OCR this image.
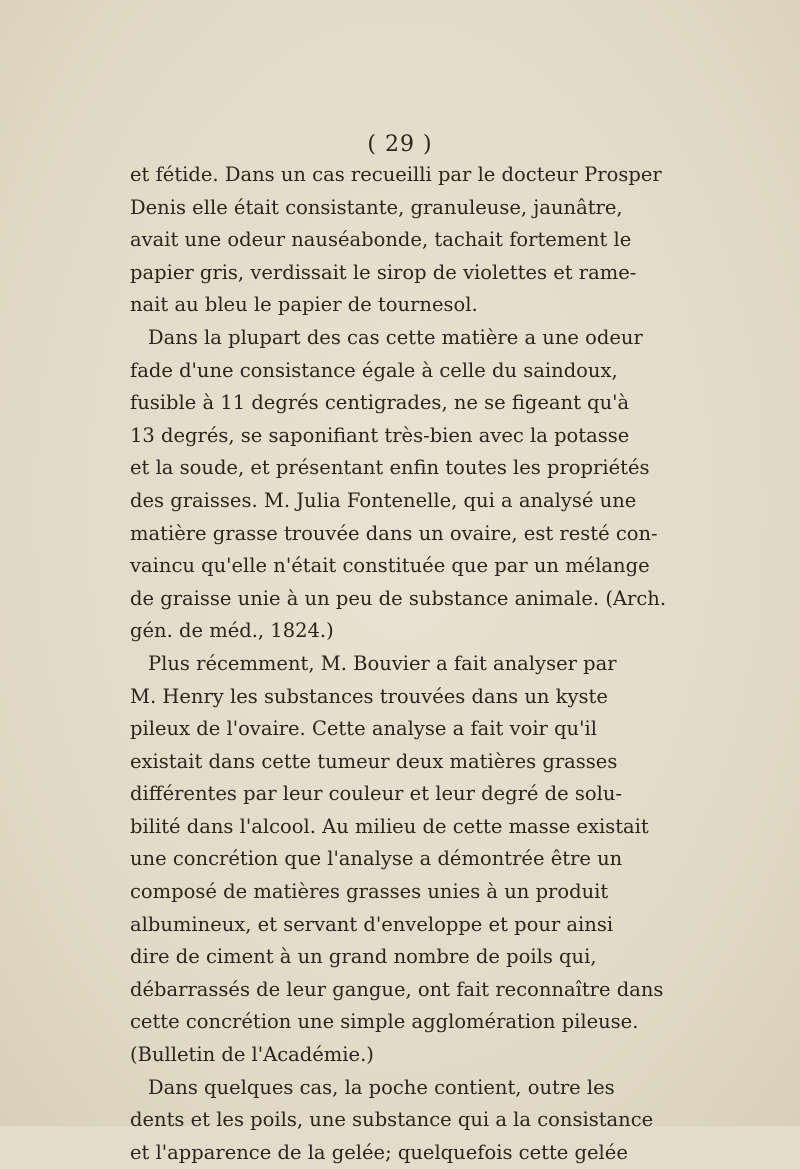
( 29 )
et fétide. Dans un cas recueilli par le docteur Prosper
Denis elle était consistante, granuleuse, jaunâtre,
avait une odeur nauséabonde, tachait fortement le
papier gris, verdissait le sirop de violettes et rame-
nait au bleu le papier de tournesol.
Dans la plupart des cas cette matière a une odeur
fade d'une consistance égale à celle du saindoux,
fusible à 11 degrés centigrades, ne se figeant qu'à
13 degrés, se saponifiant très-bien avec la potasse
et la soude, et présentant enfin toutes les propriétés
des graisses. M. Julia Fontenelle, qui a analysé une
matière grasse trouvée dans un ovaire, est resté con-
vaincu qu'elle n'était constituée que par un mélange
de graisse unie à un peu de substance animale. (Arch.
gén. de méd., 1824.)
Plus récemment, M. Bouvier a fait analyser par
M. Henry les substances trouvées dans un kyste
pileux de l'ovaire. Cette analyse a fait voir qu'il
existait dans cette tumeur deux matières grasses
différentes par leur couleur et leur degré de solu-
bilité dans l'alcool. Au milieu de cette masse existait
une concrétion que l'analyse a démontrée être un
composé de matières grasses unies à un produit
albumineux, et servant d'enveloppe et pour ainsi
dire de ciment à un grand nombre de poils qui,
débarrassés de leur gangue, ont fait reconnaître dans
cette concrétion une simple agglomération pileuse.
(Bulletin de l'Académie.)
Dans quelques cas, la poche contient, outre les
dents et les poils, une substance qui a la consistance
et l'apparence de la gelée; quelquefois cette gelée
